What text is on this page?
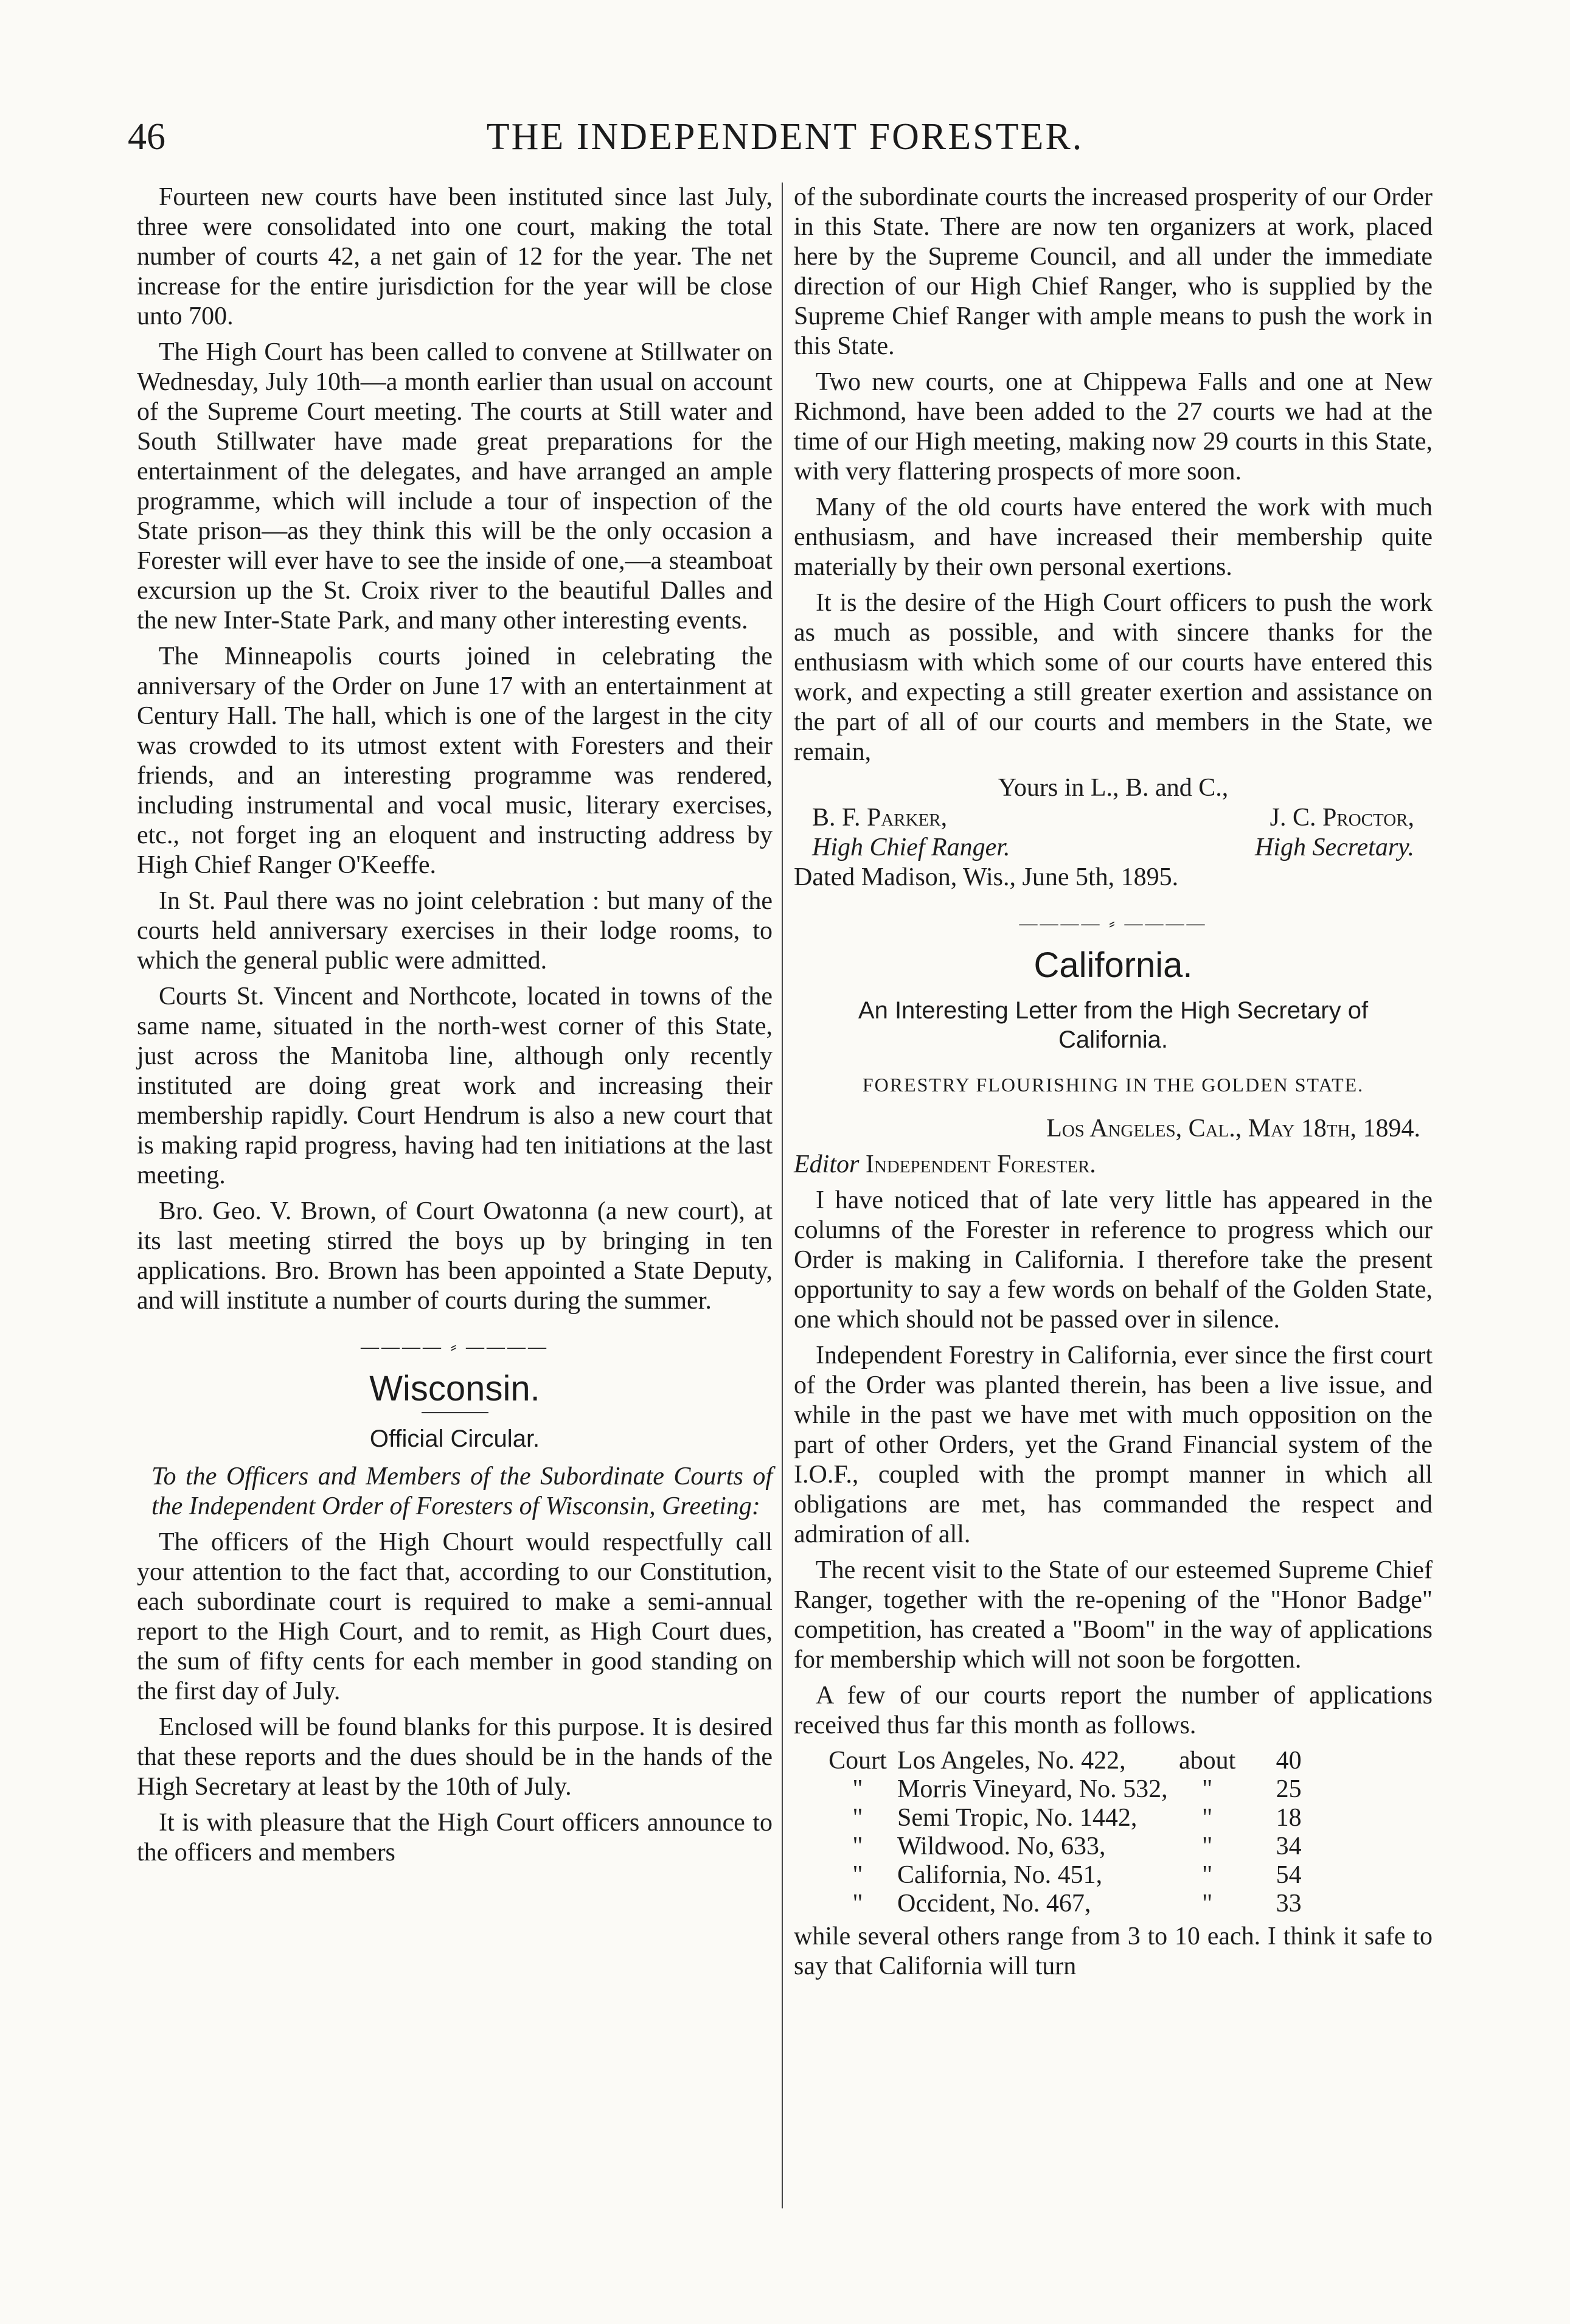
46	THE INDEPENDENT FORESTER.

Fourteen new courts have been instituted since last July, three were consolidated into one court, making the total number of courts 42, a net gain of 12 for the year. The net increase for the entire jurisdiction for the year will be close unto 700.

The High Court has been called to convene at Stillwater on Wednesday, July 10th—a month earlier than usual on account of the Supreme Court meeting. The courts at Still water and South Stillwater have made great preparations for the entertainment of the delegates, and have arranged an ample programme, which will include a tour of inspection of the State prison—as they think this will be the only occasion a Forester will ever have to see the inside of one,—a steamboat excursion up the St. Croix river to the beautiful Dalles and the new Inter-State Park, and many other interesting events.

The Minneapolis courts joined in celebrating the anniversary of the Order on June 17 with an entertainment at Century Hall. The hall, which is one of the largest in the city was crowded to its utmost extent with Foresters and their friends, and an interesting programme was rendered, including instrumental and vocal music, literary exercises, etc., not forget ing an eloquent and instructing address by High Chief Ranger O'Keeffe.

In St. Paul there was no joint celebration : but many of the courts held anniversary exercises in their lodge rooms, to which the general public were admitted.

Courts St. Vincent and Northcote, located in towns of the same name, situated in the north-west corner of this State, just across the Manitoba line, although only recently instituted are doing great work and increasing their membership rapidly. Court Hendrum is also a new court that is making rapid progress, having had ten initiations at the last meeting.

Bro. Geo. V. Brown, of Court Owatonna (a new court), at its last meeting stirred the boys up by bringing in ten applications. Bro. Brown has been appointed a State Deputy, and will institute a number of courts during the summer.

———— ⸗ ————
Wisconsin.
Official Circular.

To the Officers and Members of the Subordinate Courts of the Independent Order of Foresters of Wisconsin, Greeting:

The officers of the High Chourt would respectfully call your attention to the fact that, according to our Constitution, each subordinate court is required to make a semi-annual report to the High Court, and to remit, as High Court dues, the sum of fifty cents for each member in good standing on the first day of July.

Enclosed will be found blanks for this purpose. It is desired that these reports and the dues should be in the hands of the High Secretary at least by the 10th of July.

It is with pleasure that the High Court officers announce to the officers and members

of the subordinate courts the increased prosperity of our Order in this State. There are now ten organizers at work, placed here by the Supreme Council, and all under the immediate direction of our High Chief Ranger, who is supplied by the Supreme Chief Ranger with ample means to push the work in this State.

Two new courts, one at Chippewa Falls and one at New Richmond, have been added to the 27 courts we had at the time of our High meeting, making now 29 courts in this State, with very flattering prospects of more soon.

Many of the old courts have entered the work with much enthusiasm, and have increased their membership quite materially by their own personal exertions.

It is the desire of the High Court officers to push the work as much as possible, and with sincere thanks for the enthusiasm with which some of our courts have entered this work, and expecting a still greater exertion and assistance on the part of all of our courts and members in the State, we remain,

Yours in L., B. and C.,
B. F. Parker,	J. C. Proctor,
High Chief Ranger.	High Secretary.
Dated Madison, Wis., June 5th, 1895.
———— ⸗ ————
California.
An Interesting Letter from the High Secretary of California.
FORESTRY FLOURISHING IN THE GOLDEN STATE.

Los Angeles, Cal., May 18th, 1894.

Editor Independent Forester.

I have noticed that of late very little has appeared in the columns of the Forester in reference to progress which our Order is making in California. I therefore take the present opportunity to say a few words on behalf of the Golden State, one which should not be passed over in silence.

Independent Forestry in California, ever since the first court of the Order was planted therein, has been a live issue, and while in the past we have met with much opposition on the part of other Orders, yet the Grand Financial system of the I.O.F., coupled with the prompt manner in which all obligations are met, has commanded the respect and admiration of all.

The recent visit to the State of our esteemed Supreme Chief Ranger, together with the re-opening of the "Honor Badge" competition, has created a "Boom" in the way of applications for membership which will not soon be forgotten.

A few of our courts report the number of applications received thus far this month as follows.

Court	Los Angeles, No. 422,	about	40
"	Morris Vineyard, No. 532,	"	25
"	Semi Tropic, No. 1442,	"	18
"	Wildwood. No, 633,	"	34
"	California, No. 451,	"	54
"	Occident, No. 467,	"	33

while several others range from 3 to 10 each. I think it safe to say that California will turn
